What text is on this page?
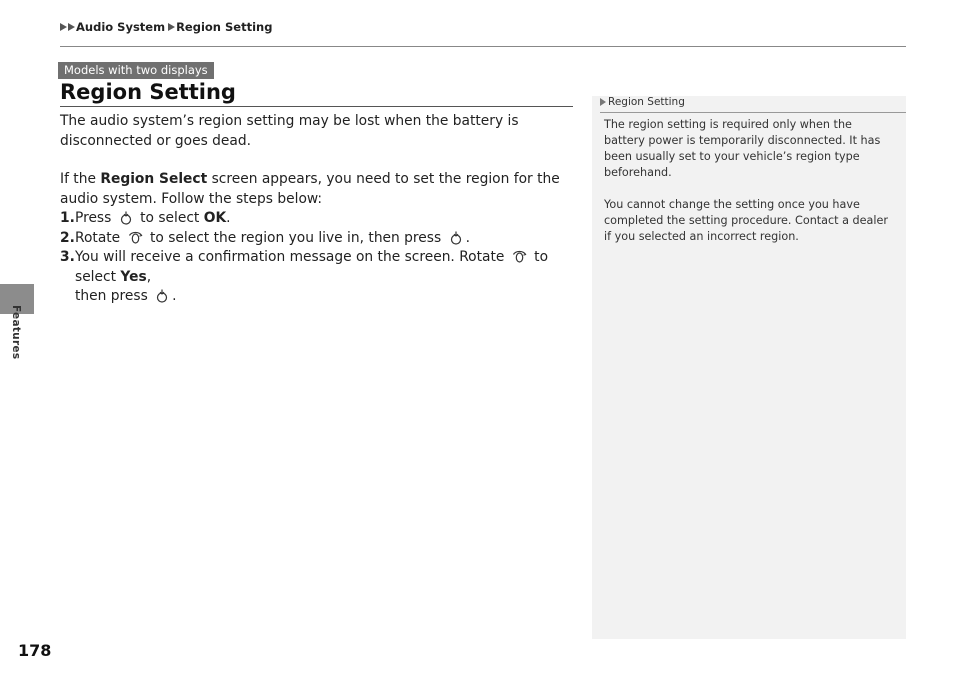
Audio System Region Setting
Features
Models with two displays
Region Setting

The audio system’s region setting may be lost when the battery is disconnected or goes dead.

If the Region Select screen appears, you need to set the region for the audio system. Follow the steps below:

1. Press to select OK.

2. Rotate to select the region you live in, then press .

3. You will receive a confirmation message on the screen. Rotate to select Yes,
then press .

Region Setting

The region setting is required only when the battery power is temporarily disconnected. It has been usually set to your vehicle’s region type beforehand.

You cannot change the setting once you have completed the setting procedure. Contact a dealer if you selected an incorrect region.

178
